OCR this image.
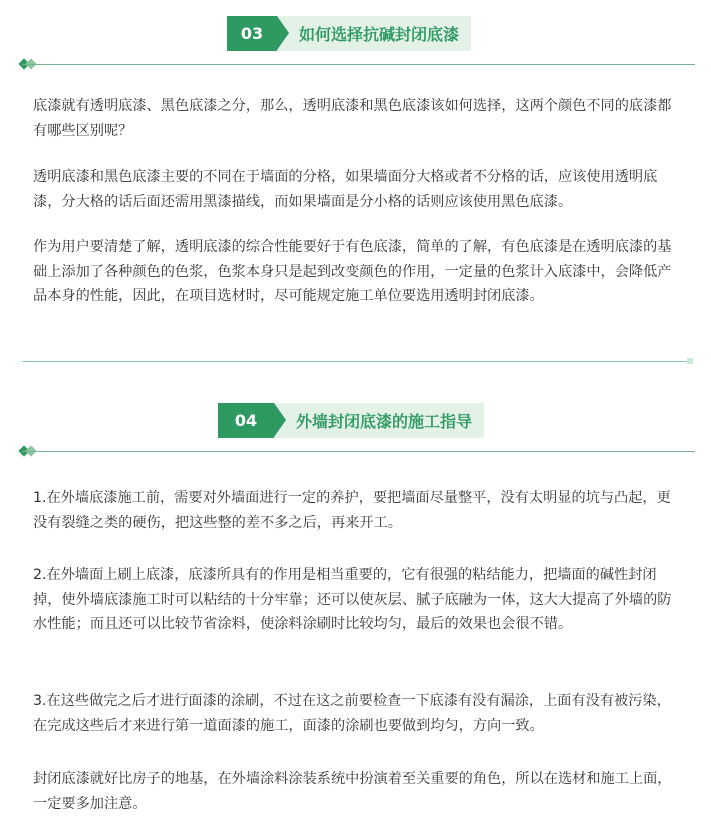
03	如何选择抗碱封闭底漆

底漆就有透明底漆、黑色底漆之分，那么，透明底漆和黑色底漆该如何选择，这两个颜色不同的底漆都有哪些区别呢？

透明底漆和黑色底漆主要的不同在于墙面的分格，如果墙面分大格或者不分格的话，应该使用透明底漆，分大格的话后面还需用黑漆描线，而如果墙面是分小格的话则应该使用黑色底漆。

作为用户要清楚了解，透明底漆的综合性能要好于有色底漆，简单的了解，有色底漆是在透明底漆的基础上添加了各种颜色的色浆，色浆本身只是起到改变颜色的作用，一定量的色浆计入底漆中，会降低产品本身的性能，因此，在项目选材时，尽可能规定施工单位要选用透明封闭底漆。

04	外墙封闭底漆的施工指导

1.在外墙底漆施工前，需要对外墙面进行一定的养护，要把墙面尽量整平，没有太明显的坑与凸起，更没有裂缝之类的硬伤，把这些整的差不多之后，再来开工。

2.在外墙面上刷上底漆，底漆所具有的作用是相当重要的，它有很强的粘结能力，把墙面的碱性封闭掉，使外墙底漆施工时可以粘结的十分牢靠；还可以使灰层、腻子底融为一体，这大大提高了外墙的防水性能；而且还可以比较节省涂料，使涂料涂刷时比较均匀，最后的效果也会很不错。

3.在这些做完之后才进行面漆的涂刷，不过在这之前要检查一下底漆有没有漏涂，上面有没有被污染，在完成这些后才来进行第一道面漆的施工，面漆的涂刷也要做到均匀，方向一致。

封闭底漆就好比房子的地基，在外墙涂料涂装系统中扮演着至关重要的角色，所以在选材和施工上面，一定要多加注意。
